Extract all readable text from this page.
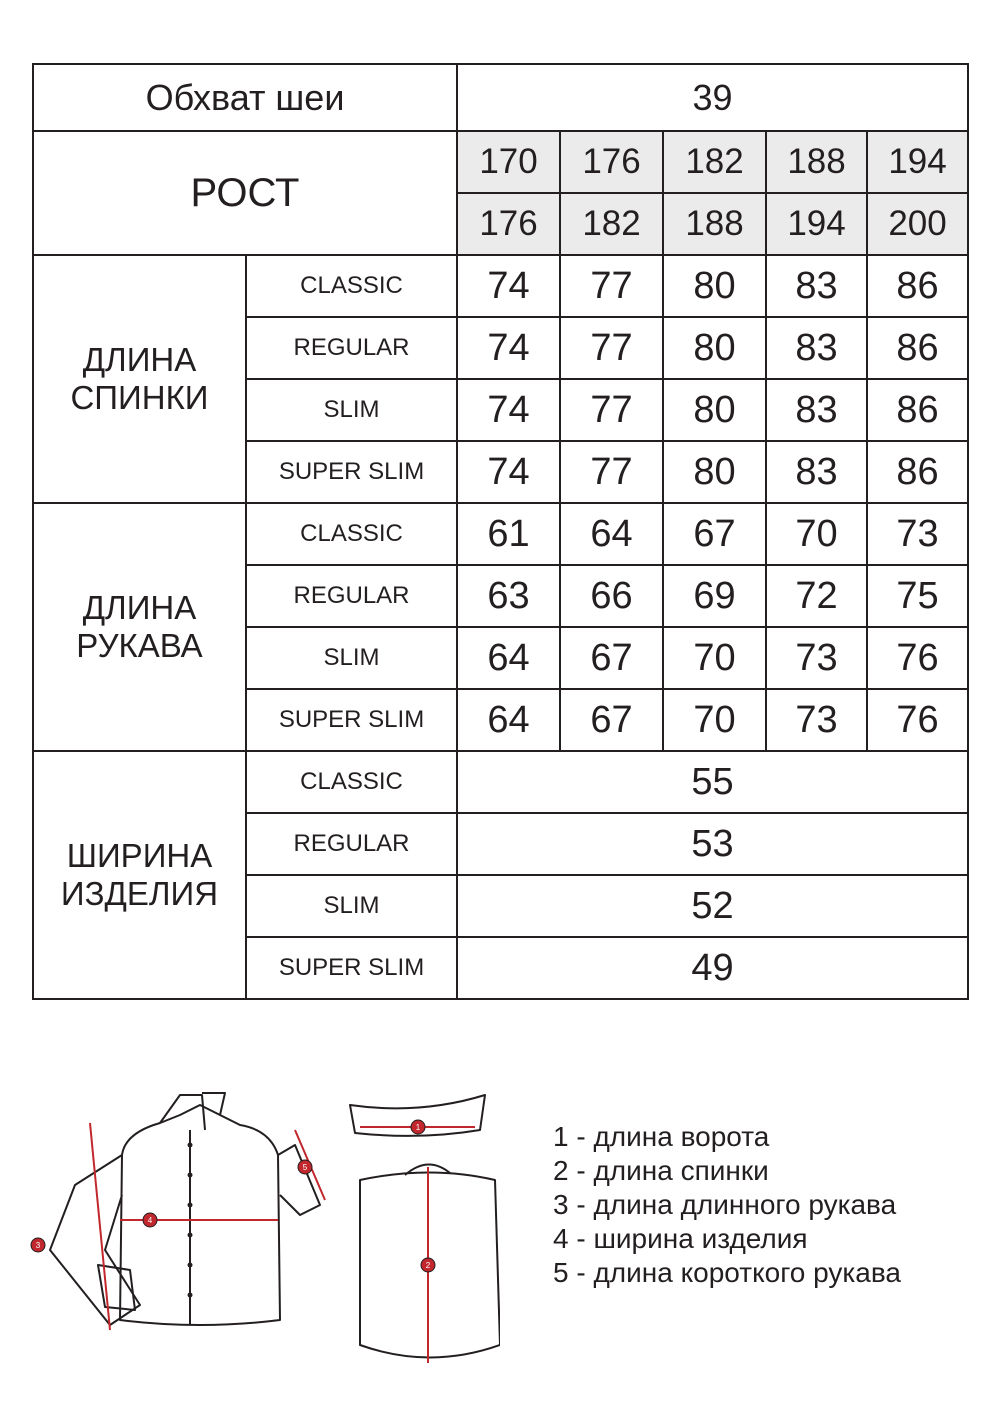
Обхват шеи		39				
РОСТ		170	176	182	188	194
		176	182	188	194	200

ДЛИНА
СПИНКИ	CLASSIC	74	77	80	83	86
	REGULAR	74	77	80	83	86
	SLIM	74	77	80	83	86
	SUPER SLIM	74	77	80	83	86

ДЛИНА
РУКАВА	CLASSIC	61	64	67	70	73
	REGULAR	63	66	69	72	75
	SLIM	64	67	70	73	76
	SUPER SLIM	64	67	70	73	76

ШИРИНА
ИЗДЕЛИЯ	CLASSIC	55				
	REGULAR	53				
	SLIM	52				
	SUPER SLIM	49				
1
2
3
4
5
1 - длина ворота
2 - длина спинки
3 - длина длинного рукава
4 - ширина изделия
5 - длина короткого рукава
